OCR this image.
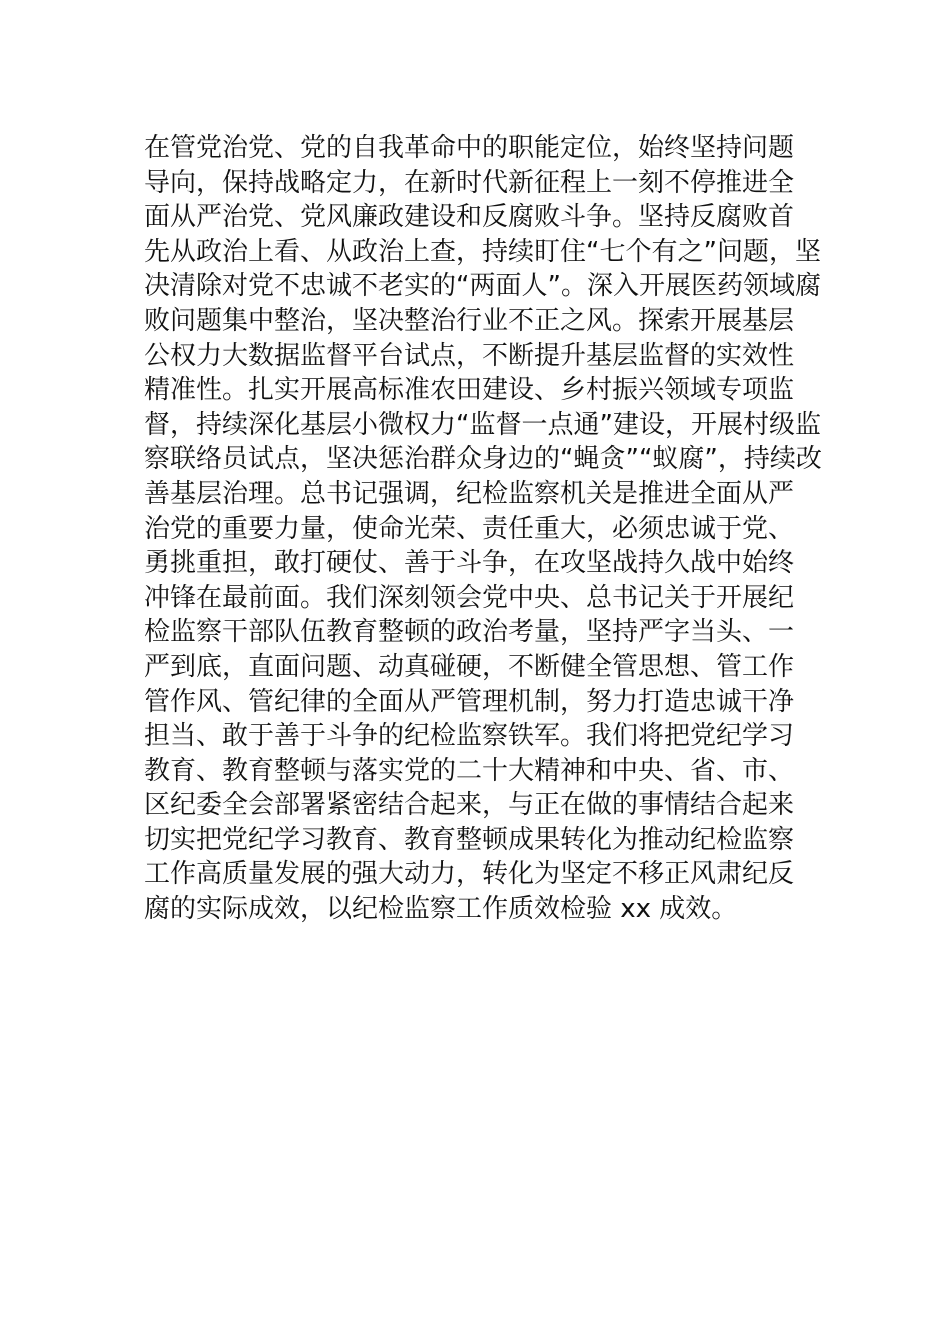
在管党治党、党的自我革命中的职能定位，始终坚持问题
导向，保持战略定力，在新时代新征程上一刻不停推进全
面从严治党、党风廉政建设和反腐败斗争。坚持反腐败首
先从政治上看、从政治上查，持续盯住“七个有之”问题，坚
决清除对党不忠诚不老实的“两面人”。深入开展医药领域腐
败问题集中整治，坚决整治行业不正之风。探索开展基层
公权力大数据监督平台试点，不断提升基层监督的实效性
精准性。扎实开展高标准农田建设、乡村振兴领域专项监
督，持续深化基层小微权力“监督一点通”建设，开展村级监
察联络员试点，坚决惩治群众身边的“蝇贪”“蚁腐”，持续改
善基层治理。总书记强调，纪检监察机关是推进全面从严
治党的重要力量，使命光荣、责任重大，必须忠诚于党、
勇挑重担，敢打硬仗、善于斗争，在攻坚战持久战中始终
冲锋在最前面。我们深刻领会党中央、总书记关于开展纪
检监察干部队伍教育整顿的政治考量，坚持严字当头、一
严到底，直面问题、动真碰硬，不断健全管思想、管工作
管作风、管纪律的全面从严管理机制，努力打造忠诚干净
担当、敢于善于斗争的纪检监察铁军。我们将把党纪学习
教育、教育整顿与落实党的二十大精神和中央、省、市、
区纪委全会部署紧密结合起来，与正在做的事情结合起来
切实把党纪学习教育、教育整顿成果转化为推动纪检监察
工作高质量发展的强大动力，转化为坚定不移正风肃纪反
腐的实际成效，以纪检监察工作质效检验 xx 成效。
